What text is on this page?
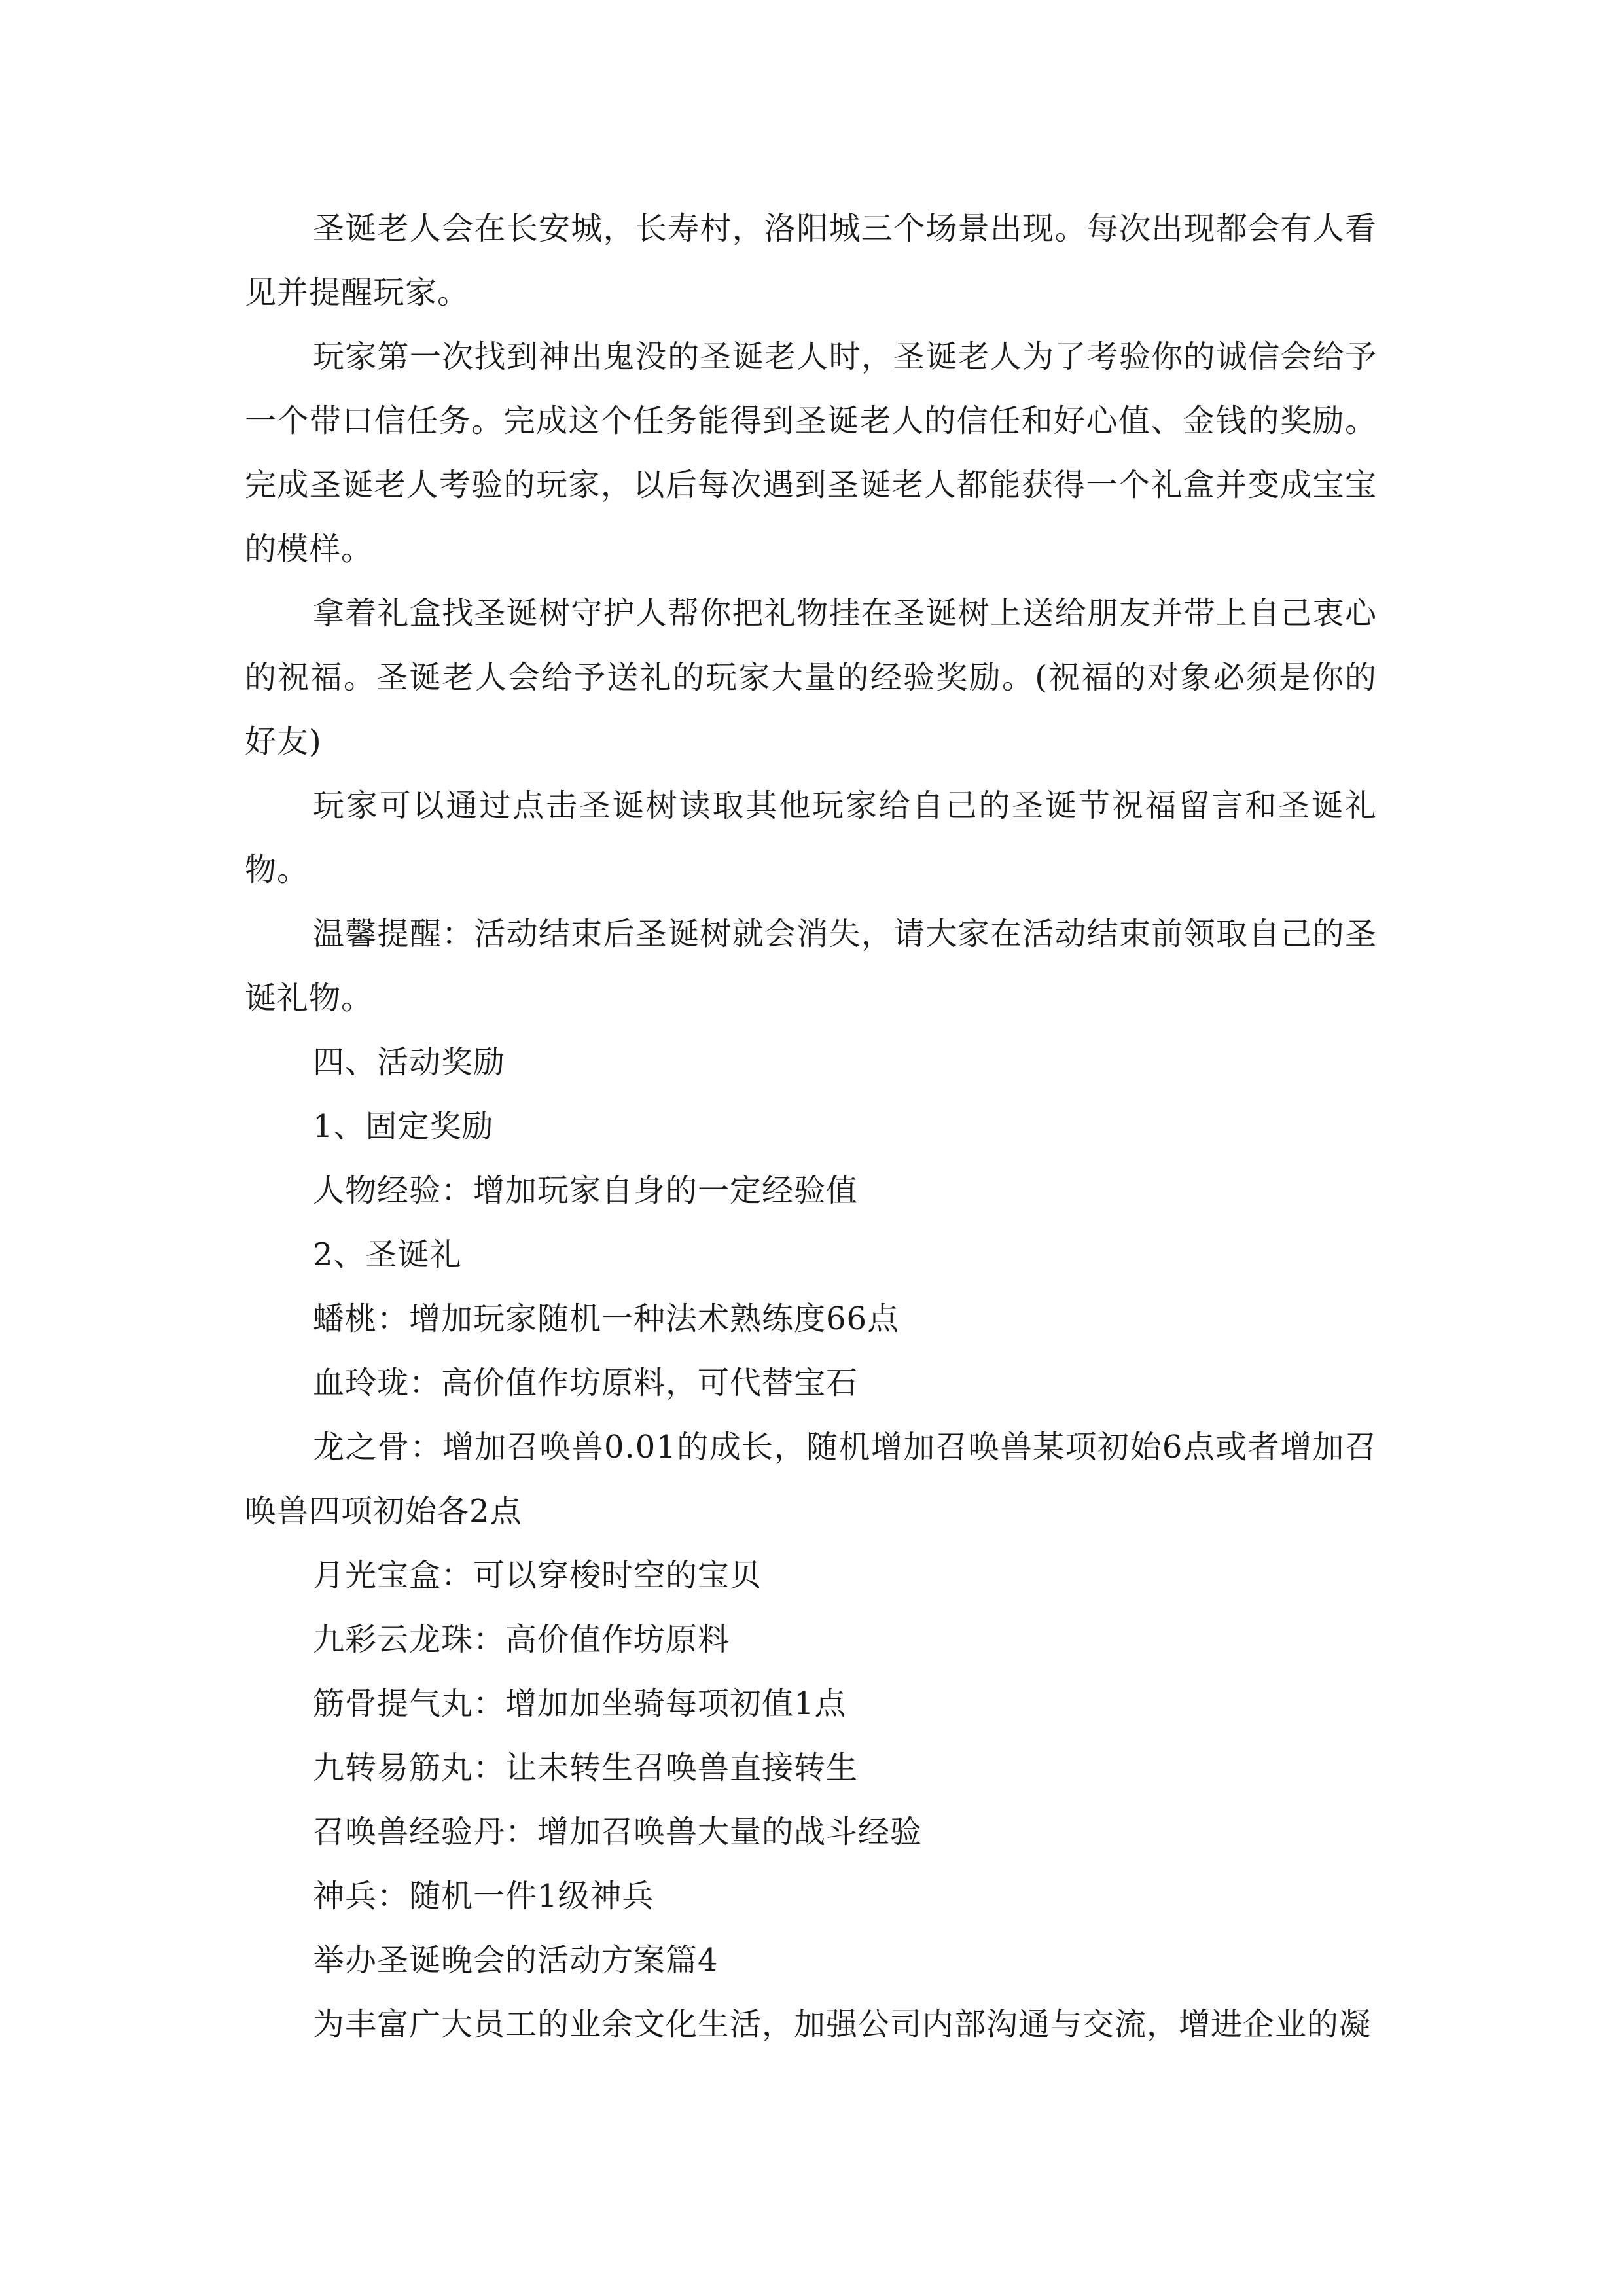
圣诞老人会在长安城，长寿村，洛阳城三个场景出现。每次出现都会有人看见并提醒玩家。

玩家第一次找到神出鬼没的圣诞老人时，圣诞老人为了考验你的诚信会给予一个带口信任务。完成这个任务能得到圣诞老人的信任和好心值、金钱的奖励。完成圣诞老人考验的玩家，以后每次遇到圣诞老人都能获得一个礼盒并变成宝宝的模样。

拿着礼盒找圣诞树守护人帮你把礼物挂在圣诞树上送给朋友并带上自己衷心的祝福。圣诞老人会给予送礼的玩家大量的经验奖励。(祝福的对象必须是你的好友)

玩家可以通过点击圣诞树读取其他玩家给自己的圣诞节祝福留言和圣诞礼物。

温馨提醒：活动结束后圣诞树就会消失，请大家在活动结束前领取自己的圣诞礼物。

四、活动奖励

1、固定奖励

人物经验：增加玩家自身的一定经验值

2、圣诞礼

蟠桃：增加玩家随机一种法术熟练度66点

血玲珑：高价值作坊原料，可代替宝石

龙之骨：增加召唤兽0.01的成长，随机增加召唤兽某项初始6点或者增加召唤兽四项初始各2点

月光宝盒：可以穿梭时空的宝贝

九彩云龙珠：高价值作坊原料

筋骨提气丸：增加加坐骑每项初值1点

九转易筋丸：让未转生召唤兽直接转生

召唤兽经验丹：增加召唤兽大量的战斗经验

神兵：随机一件1级神兵

举办圣诞晚会的活动方案篇4

为丰富广大员工的业余文化生活，加强公司内部沟通与交流，增进企业的凝
